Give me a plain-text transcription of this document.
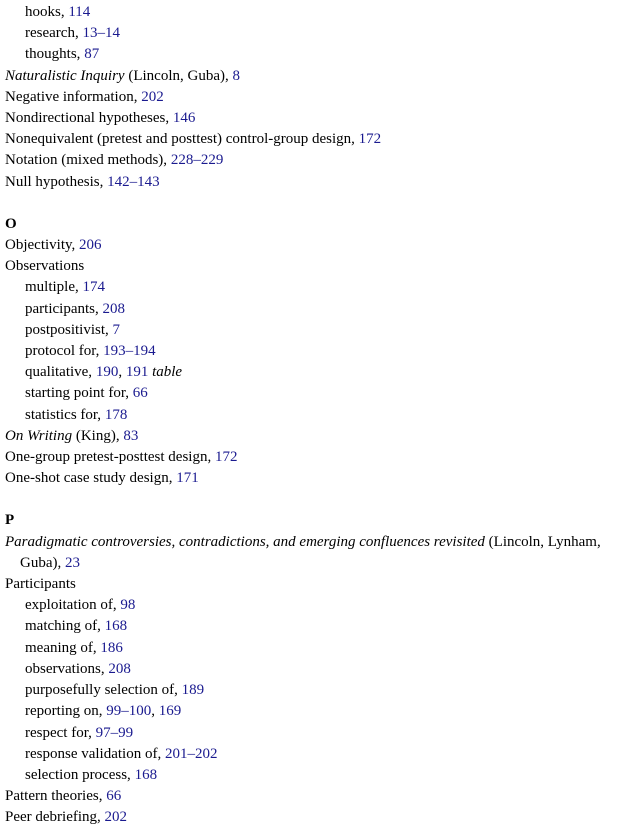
hooks, 114
research, 13–14
thoughts, 87
Naturalistic Inquiry (Lincoln, Guba), 8
Negative information, 202
Nondirectional hypotheses, 146
Nonequivalent (pretest and posttest) control-group design, 172
Notation (mixed methods), 228–229
Null hypothesis, 142–143
O
Objectivity, 206
Observations
multiple, 174
participants, 208
postpositivist, 7
protocol for, 193–194
qualitative, 190, 191 table
starting point for, 66
statistics for, 178
On Writing (King), 83
One-group pretest-posttest design, 172
One-shot case study design, 171
P
Paradigmatic controversies, contradictions, and emerging confluences revisited (Lincoln, Lynham,
Guba), 23
Participants
exploitation of, 98
matching of, 168
meaning of, 186
observations, 208
purposefully selection of, 189
reporting on, 99–100, 169
respect for, 97–99
response validation of, 201–202
selection process, 168
Pattern theories, 66
Peer debriefing, 202
